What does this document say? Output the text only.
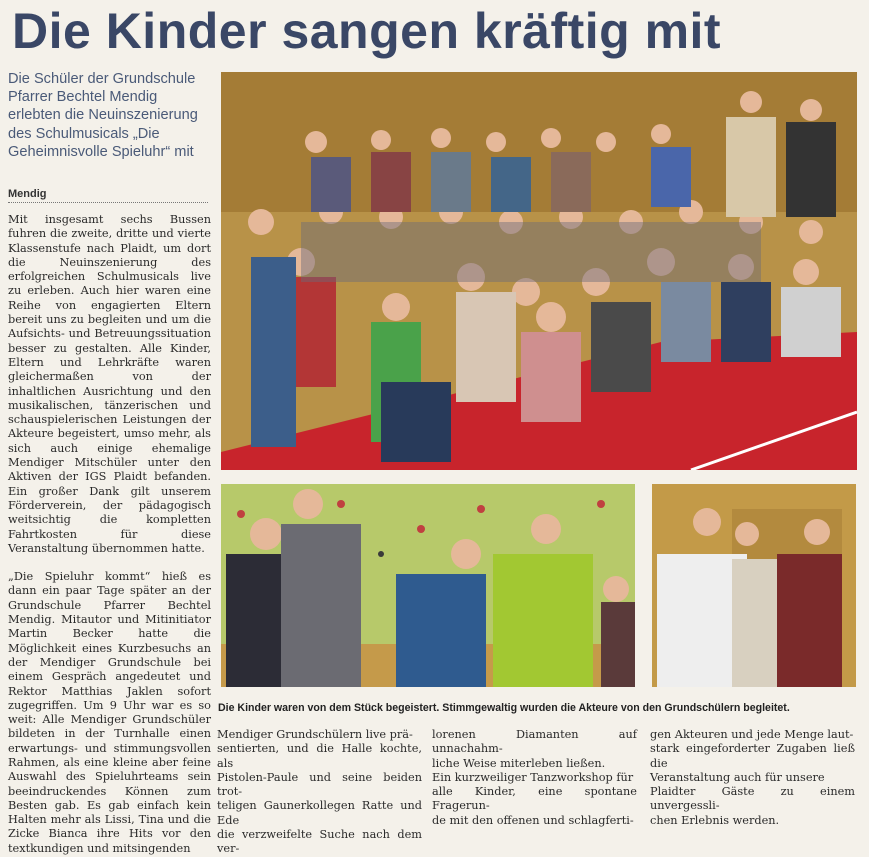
Die Kinder sangen kräftig mit
Die Schüler der Grundschule
Pfarrer Bechtel Mendig
erlebten die Neuinszenierung
des Schulmusicals „Die
Geheimnisvolle Spieluhr“ mit
Mendig

Mit insgesamt sechs Bussen fuhren die zweite, dritte und vierte Klassenstufe nach Plaidt, um dort die Neuinszenierung des erfolgreichen Schulmusicals live zu erleben. Auch hier waren eine Reihe von engagierten Eltern bereit uns zu begleiten und um die Aufsichts- und Betreuungssituation besser zu gestalten. Alle Kinder, Eltern und Lehrkräfte waren gleichermaßen von der inhaltlichen Ausrichtung und den musikalischen, tänzerischen und schauspielerischen Leistungen der Akteure begeistert, umso mehr, als sich auch einige ehemalige Mendiger Mitschüler unter den Aktiven der IGS Plaidt befanden. Ein großer Dank gilt unserem Förderverein, der pädagogisch weitsichtig die kompletten Fahrtkosten für diese Veranstaltung übernommen hatte.

„Die Spieluhr kommt“ hieß es dann ein paar Tage später an der Grundschule Pfarrer Bechtel Mendig. Mitautor und Mitinitiator Martin Becker hatte die Möglichkeit eines Kurzbesuchs an der Mendiger Grundschule bei einem Gespräch angedeutet und Rektor Matthias Jaklen sofort zugegriffen. Um 9 Uhr war es so weit: Alle Mendiger Grundschüler bildeten in der Turnhalle einen erwartungs- und stimmungsvollen Rahmen, als eine kleine aber feine Auswahl des Spieluhrteams sein beeindruckendes Können zum Besten gab. Es gab einfach kein Halten mehr als Lissi, Tina und die Zicke Bianca ihre Hits vor den textkundigen und mitsingenden

Die Kinder waren von dem Stück begeistert. Stimmgewaltig wurden die Akteure von den Grundschülern begleitet.
Mendiger Grundschülern live prä-
sentierten, und die Halle kochte, als
Pistolen-Paule und seine beiden trot-
teligen Gaunerkollegen Ratte und Ede
die verzweifelte Suche nach dem ver-
lorenen Diamanten auf unnachahm-
liche Weise miterleben ließen.
Ein kurzweiliger Tanzworkshop für
alle Kinder, eine spontane Fragerun-
de mit den offenen und schlagferti-
gen Akteuren und jede Menge laut-
stark eingeforderter Zugaben ließ die
Veranstaltung auch für unsere
Plaidter Gäste zu einem unvergessli-
chen Erlebnis werden.
